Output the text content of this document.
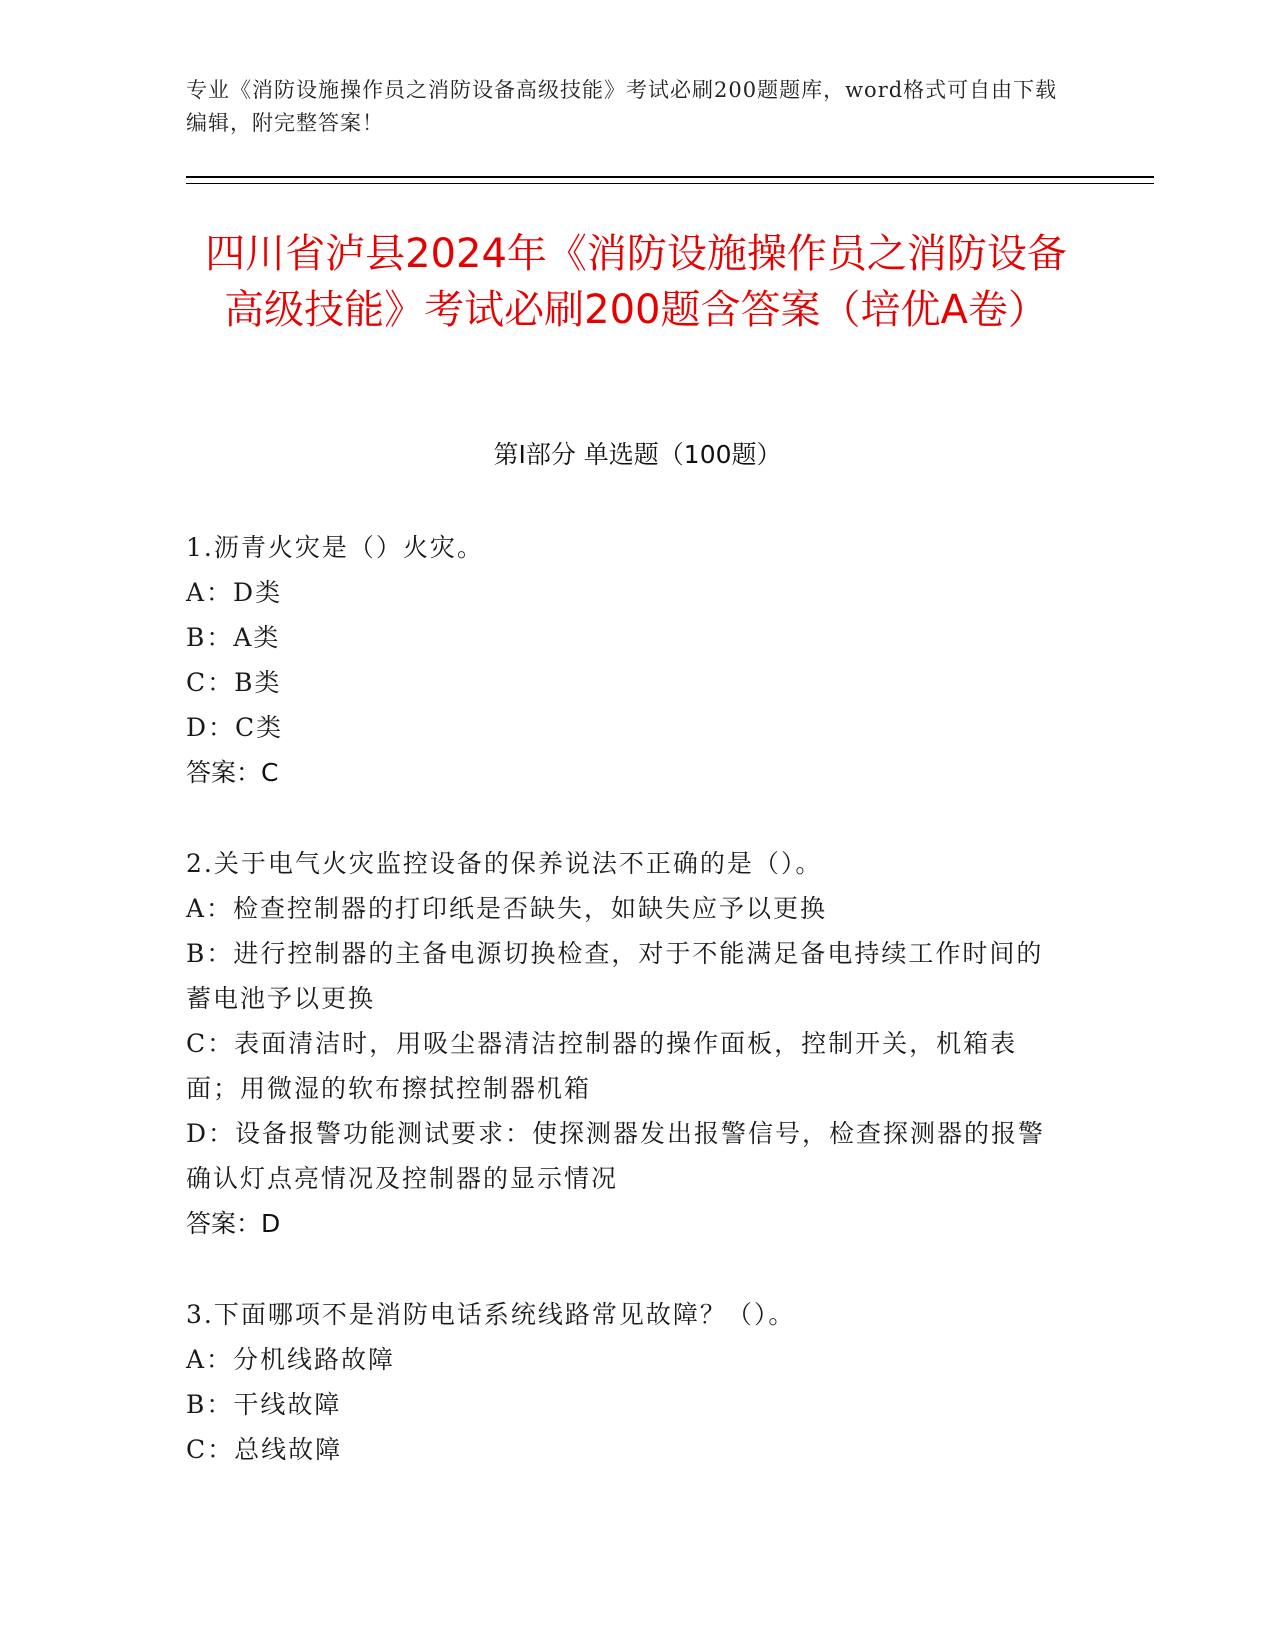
专业《消防设施操作员之消防设备高级技能》考试必刷200题题库，word格式可自由下载编辑，附完整答案！
四川省泸县2024年《消防设施操作员之消防设备高级技能》考试必刷200题含答案（培优A卷）
第I部分 单选题（100题）

1.沥青火灾是（）火灾。

A：D类

B：A类

C：B类

D：C类

答案：C

2.关于电气火灾监控设备的保养说法不正确的是（）。

A：检查控制器的打印纸是否缺失，如缺失应予以更换

B：进行控制器的主备电源切换检查，对于不能满足备电持续工作时间的蓄电池予以更换

C：表面清洁时，用吸尘器清洁控制器的操作面板，控制开关，机箱表面；用微湿的软布擦拭控制器机箱

D：设备报警功能测试要求：使探测器发出报警信号，检查探测器的报警确认灯点亮情况及控制器的显示情况

答案：D

3.下面哪项不是消防电话系统线路常见故障？（）。

A：分机线路故障

B：干线故障

C：总线故障
